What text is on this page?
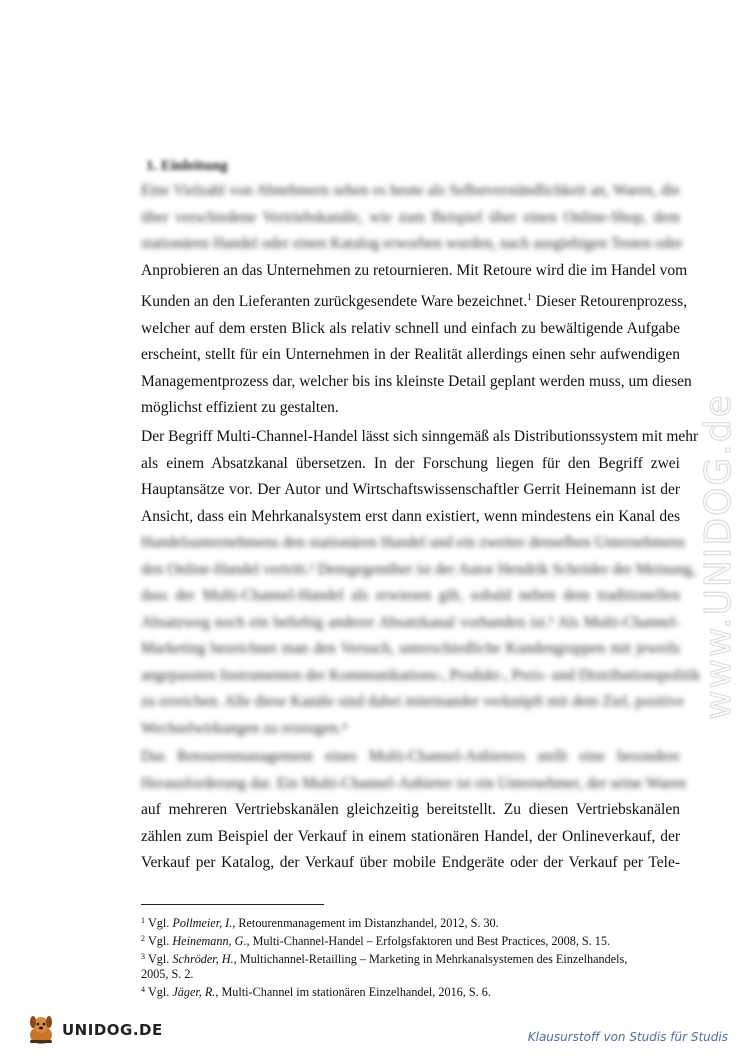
1. Einleitung
Eine Vielzahl von Abnehmern sehen es heute als Selbstverständlichkeit an, Waren, die
über verschiedene Vertriebskanäle, wie zum Beispiel über einen Online-Shop, dem
stationären Handel oder einen Katalog erworben wurden, nach ausgiebigen Testen oder
Anprobieren an das Unternehmen zu retournieren. Mit Retoure wird die im Handel vom
Kunden an den Lieferanten zurückgesendete Ware bezeichnet.$^1$ Dieser Retourenprozess,
welcher auf dem ersten Blick als relativ schnell und einfach zu bewältigende Aufgabe
erscheint, stellt für ein Unternehmen in der Realität allerdings einen sehr aufwendigen
Managementprozess dar, welcher bis ins kleinste Detail geplant werden muss, um diesen
möglichst effizient zu gestalten.
Der Begriff Multi-Channel-Handel lässt sich sinngemäß als Distributionssystem mit mehr
als einem Absatzkanal übersetzen. In der Forschung liegen für den Begriff zwei
Hauptansätze vor. Der Autor und Wirtschaftswissenschaftler Gerrit Heinemann ist der
Ansicht, dass ein Mehrkanalsystem erst dann existiert, wenn mindestens ein Kanal des
Handelsunternehmens den stationären Handel und ein zweiter denselben Unternehmens
den Online-Handel vertritt.² Demgegenüber ist der Autor Hendrik Schröder der Meinung,
dass der Multi-Channel-Handel als erwiesen gilt, sobald neben dem traditionellen
Absatzweg noch ein beliebig anderer Absatzkanal vorhanden ist.³ Als Multi-Channel-
Marketing bezeichnet man den Versuch, unterschiedliche Kundengruppen mit jeweils
angepassten Instrumenten der Kommunikations-, Produkt-, Preis- und Distributionspolitik
zu erreichen. Alle diese Kanäle sind dabei miteinander verknüpft mit dem Ziel, positive
Wechselwirkungen zu erzeugen.⁴
Das Retourenmanagement eines Multi-Channel-Anbieters stellt eine besondere
Herausforderung dar. Ein Multi-Channel-Anbieter ist ein Unternehmer, der seine Waren
auf mehreren Vertriebskanälen gleichzeitig bereitstellt. Zu diesen Vertriebskanälen
zählen zum Beispiel der Verkauf in einem stationären Handel, der Onlineverkauf, der
Verkauf per Katalog, der Verkauf über mobile Endgeräte oder der Verkauf per Tele-
www.UNIDOG.de
$^1$ Vgl. Pollmeier, I., Retourenmanagement im Distanzhandel, 2012, S. 30.
$^2$ Vgl. Heinemann, G., Multi-Channel-Handel – Erfolgsfaktoren und Best Practices, 2008, S. 15.
$^3$ Vgl. Schröder, H., Multichannel-Retailling – Marketing in Mehrkanalsystemen des Einzelhandels,
2005, S. 2.
$^4$ Vgl. Jäger, R., Multi-Channel im stationären Einzelhandel, 2016, S. 6.
UNIDOG.DE	Klausurstoff von Studis für Studis
